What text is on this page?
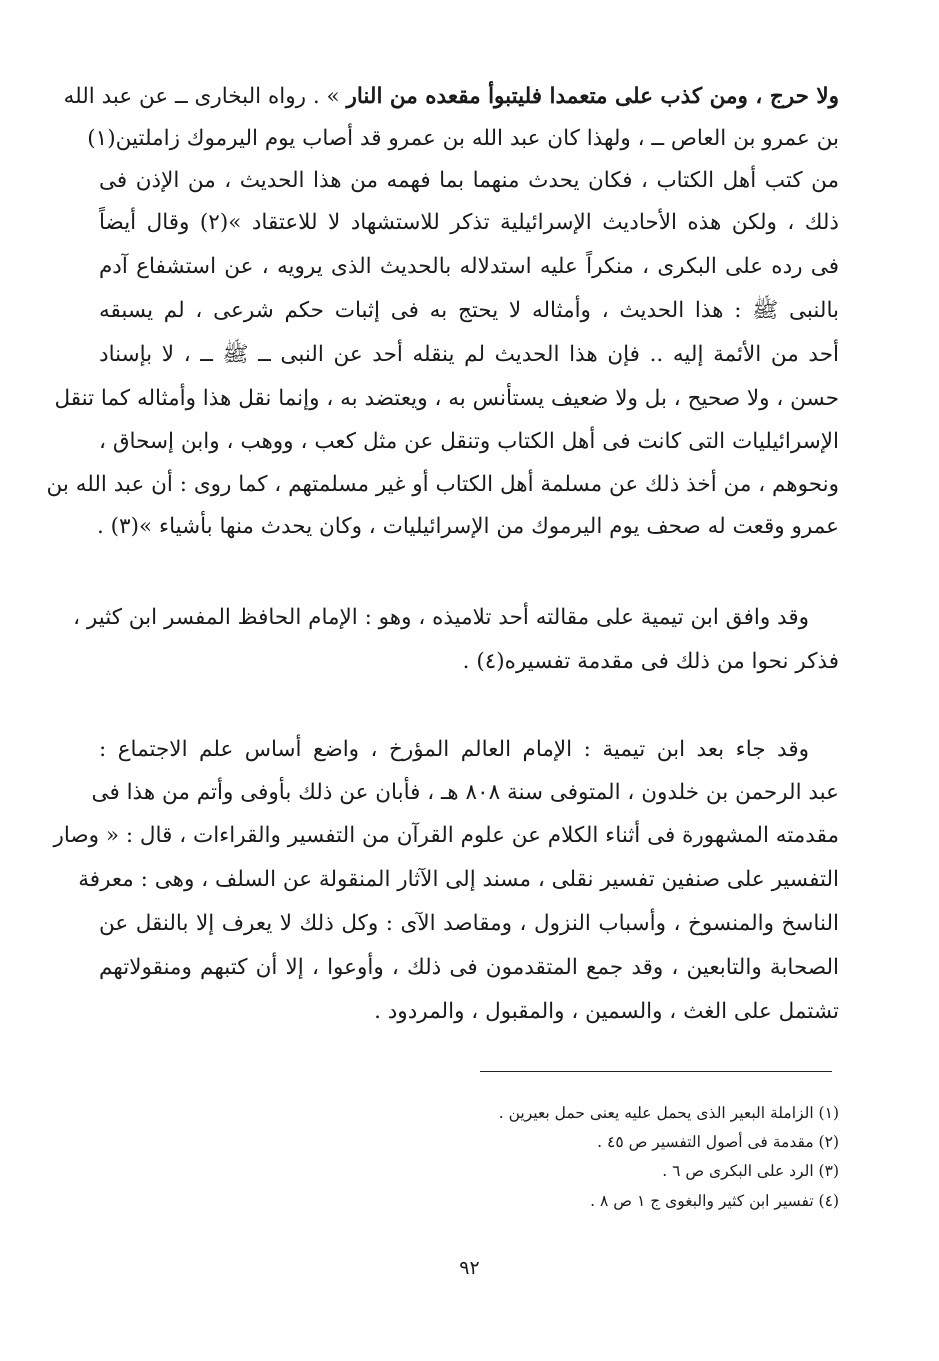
ولا حرج ، ومن كذب على متعمدا فليتبوأ مقعده من النار » . رواه البخارى ــ عن عبد الله
بن عمرو بن العاص ــ ، ولهذا كان عبد الله بن عمرو قد أصاب يوم اليرموك زاملتين(١)
من كتب أهل الكتاب ، فكان يحدث منهما بما فهمه من هذا الحديث ، من الإذن فى
ذلك ، ولكن هذه الأحاديث الإسرائيلية تذكر للاستشهاد لا للاعتقاد »(٢) وقال أيضاً
فى رده على البكرى ، منكراً عليه استدلاله بالحديث الذى يرويه ، عن استشفاع آدم
بالنبى ﷺ : هذا الحديث ، وأمثاله لا يحتج به فى إثبات حكم شرعى ، لم يسبقه
أحد من الأئمة إليه .. فإن هذا الحديث لم ينقله أحد عن النبى ــ ﷺ ــ ، لا بإسناد
حسن ، ولا صحيح ، بل ولا ضعيف يستأنس به ، ويعتضد به ، وإنما نقل هذا وأمثاله كما تنقل
الإسرائيليات التى كانت فى أهل الكتاب وتنقل عن مثل كعب ، ووهب ، وابن إسحاق ،
ونحوهم ، من أخذ ذلك عن مسلمة أهل الكتاب أو غير مسلمتهم ، كما روى : أن عبد الله بن
عمرو وقعت له صحف يوم اليرموك من الإسرائيليات ، وكان يحدث منها بأشياء »(٣) .
وقد وافق ابن تيمية على مقالته أحد تلاميذه ، وهو : الإمام الحافظ المفسر ابن كثير ،
فذكر نحوا من ذلك فى مقدمة تفسيره(٤) .
وقد جاء بعد ابن تيمية : الإمام العالم المؤرخ ، واضع أساس علم الاجتماع :
عبد الرحمن بن خلدون ، المتوفى سنة ٨٠٨ هـ ، فأبان عن ذلك بأوفى وأتم من هذا فى
مقدمته المشهورة فى أثناء الكلام عن علوم القرآن من التفسير والقراءات ، قال : « وصار
التفسير على صنفين تفسير نقلى ، مسند إلى الآثار المنقولة عن السلف ، وهى : معرفة
الناسخ والمنسوخ ، وأسباب النزول ، ومقاصد الآى : وكل ذلك لا يعرف إلا بالنقل عن
الصحابة والتابعين ، وقد جمع المتقدمون فى ذلك ، وأوعوا ، إلا أن كتبهم ومنقولاتهم
تشتمل على الغث ، والسمين ، والمقبول ، والمردود .
(١) الزاملة البعير الذى يحمل عليه يعنى حمل بعيرين .
(٢) مقدمة فى أصول التفسير ص ٤٥ .
(٣) الرد على البكرى ص ٦ .
(٤) تفسير ابن كثير والبغوى ج ١ ص ٨ .
٩٢
